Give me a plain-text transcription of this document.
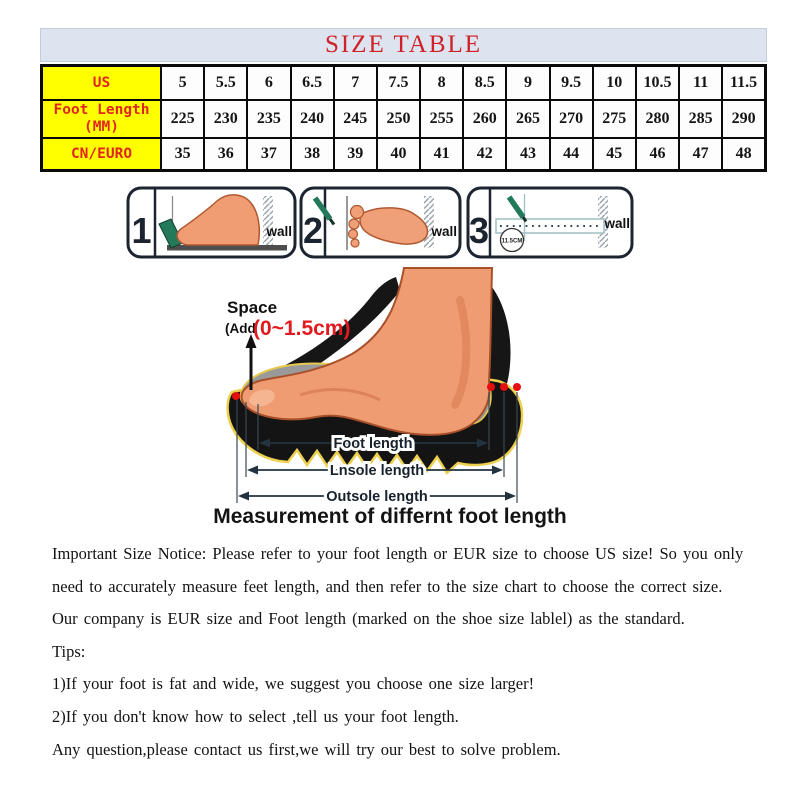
SIZE TABLE
US	5	5.5	6	6.5	7	7.5	8	8.5	9	9.5	10	10.5	11	11.5
Foot Length (MM)	225	230	235	240	245	250	255	260	265	270	275	280	285	290
CN/EURO	35	36	37	38	39	40	41	42	43	44	45	46	47	48
1	wall 2	wall 3 11.5CM
wall
Space
(Add
(0~1.5cm)
Foot length
Lnsole length
Outsole length
Measurement of differnt foot length
Important Size Notice: Please refer to your foot length or EUR size to choose US size! So you only
need to accurately measure feet length, and then refer to the size chart to choose the correct size.
Our company is EUR size and Foot length (marked on the shoe size lablel) as the standard.
Tips:
1)If your foot is fat and wide, we suggest you choose one size larger!
2)If you don't know how to select ,tell us your foot length.
Any question,please contact us first,we will try our best to solve problem.
